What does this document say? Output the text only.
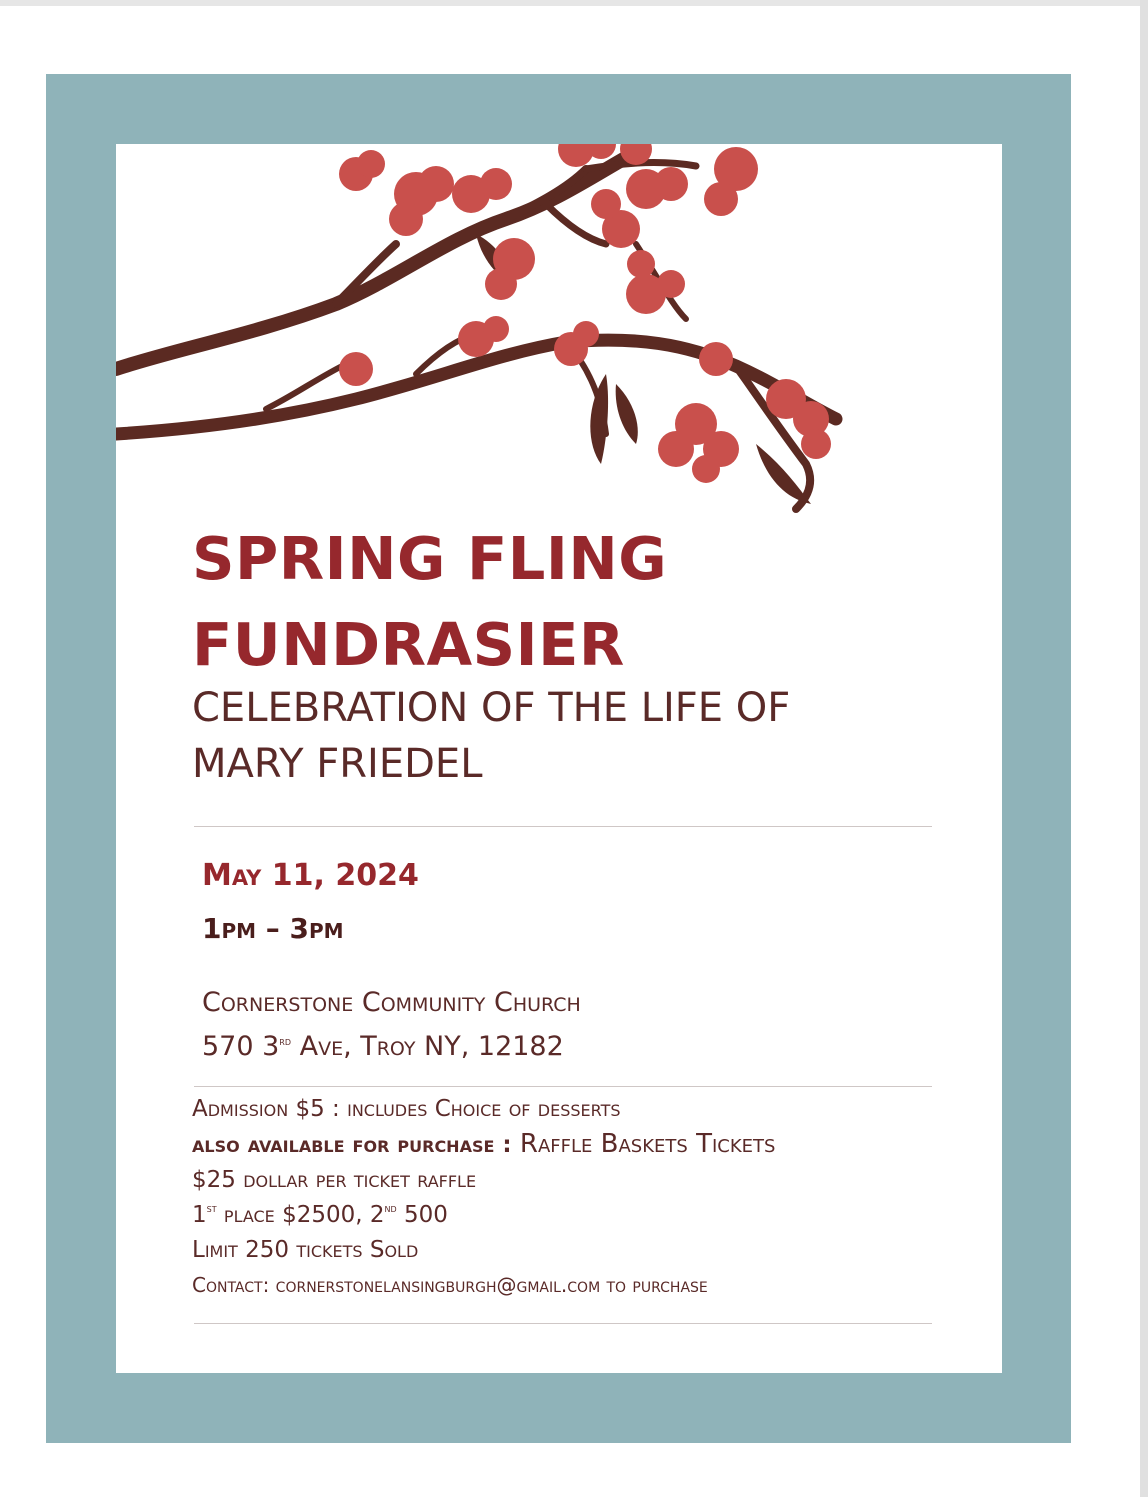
SPRING FLING
FUNDRASIER
CELEBRATION OF THE LIFE OF
MARY FRIEDEL

May 11, 2024

1pm – 3pm

Cornerstone Community Church
570 3rd Ave, Troy NY, 12182

Admission $5 : includes Choice of desserts
also available for purchase : Raffle Baskets Tickets
$25 dollar per ticket raffle
1st place $2500, 2nd 500
Limit 250 tickets Sold
Contact: cornerstonelansingburgh@gmail.com to purchase
